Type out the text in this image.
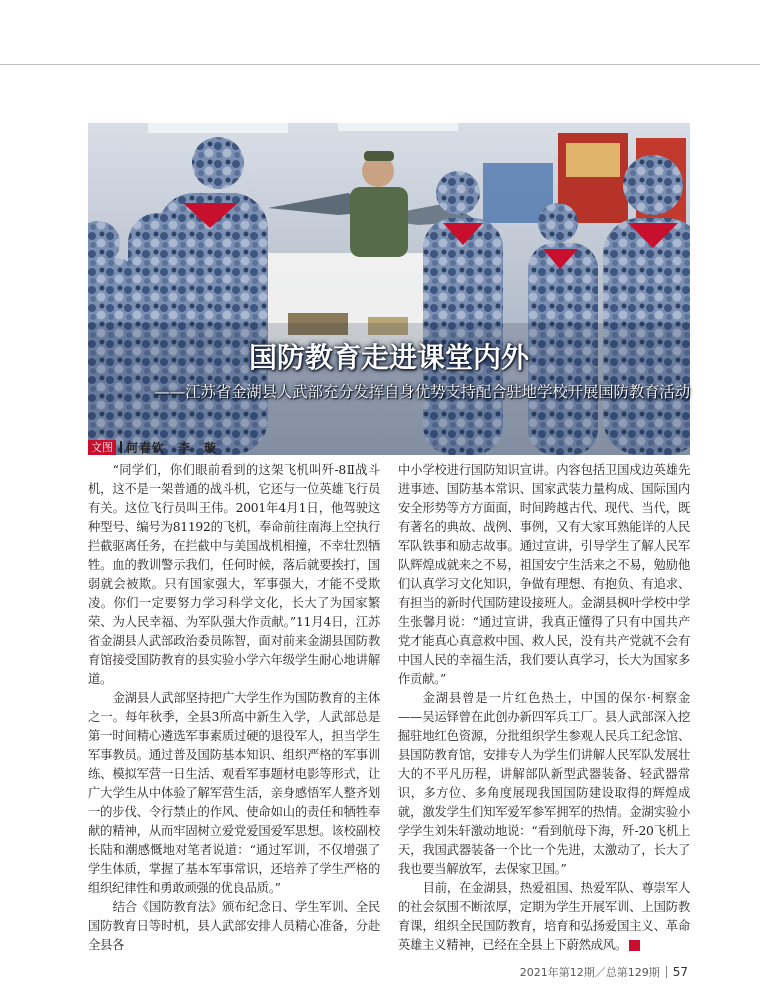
国防教育走进课堂内外
——江苏省金湖县人武部充分发挥自身优势支持配合驻地学校开展国防教育活动
文图 何春钦　李　璇

“同学们，你们眼前看到的这架飞机叫歼-8Ⅱ战斗机，这不是一架普通的战斗机，它还与一位英雄飞行员有关。这位飞行员叫王伟。2001年4月1日，他驾驶这种型号、编号为81192的飞机，奉命前往南海上空执行拦截驱离任务，在拦截中与美国战机相撞，不幸壮烈牺牲。血的教训警示我们，任何时候，落后就要挨打，国弱就会被欺。只有国家强大，军事强大，才能不受欺凌。你们一定要努力学习科学文化，长大了为国家繁荣、为人民幸福、为军队强大作贡献。”11月4日，江苏省金湖县人武部政治委员陈智，面对前来金湖县国防教育馆接受国防教育的县实验小学六年级学生耐心地讲解道。

金湖县人武部坚持把广大学生作为国防教育的主体之一。每年秋季，全县3所高中新生入学，人武部总是第一时间精心遴选军事素质过硬的退役军人，担当学生军事教员。通过普及国防基本知识、组织严格的军事训练、模拟军营一日生活、观看军事题材电影等形式，让广大学生从中体验了解军营生活，亲身感悟军人整齐划一的步伐、令行禁止的作风、使命如山的责任和牺牲奉献的精神，从而牢固树立爱党爱国爱军思想。该校副校长陆和潮感慨地对笔者说道：“通过军训，不仅增强了学生体质，掌握了基本军事常识，还培养了学生严格的组织纪律性和勇敢顽强的优良品质。”

结合《国防教育法》颁布纪念日、学生军训、全民国防教育日等时机，县人武部安排人员精心准备，分赴全县各

中小学校进行国防知识宣讲。内容包括卫国戍边英雄先进事迹、国防基本常识、国家武装力量构成、国际国内安全形势等方方面面，时间跨越古代、现代、当代，既有著名的典故、战例、事例，又有大家耳熟能详的人民军队铁事和励志故事。通过宣讲，引导学生了解人民军队辉煌成就来之不易，祖国安宁生活来之不易，勉励他们认真学习文化知识，争做有理想、有抱负、有追求、有担当的新时代国防建设接班人。金湖县枫叶学校中学生张馨月说：“通过宣讲，我真正懂得了只有中国共产党才能真心真意救中国、救人民，没有共产党就不会有中国人民的幸福生活，我们要认真学习，长大为国家多作贡献。”

金湖县曾是一片红色热土，中国的保尔·柯察金——吴运铎曾在此创办新四军兵工厂。县人武部深入挖掘驻地红色资源，分批组织学生参观人民兵工纪念馆、县国防教育馆，安排专人为学生们讲解人民军队发展壮大的不平凡历程，讲解部队新型武器装备、轻武器常识，多方位、多角度展现我国国防建设取得的辉煌成就，激发学生们知军爱军参军拥军的热情。金湖实验小学学生刘朱轩激动地说：“看到航母下海，歼-20飞机上天，我国武器装备一个比一个先进，太激动了，长大了我也要当解放军，去保家卫国。”

目前，在金湖县，热爱祖国、热爱军队、尊崇军人的社会氛围不断浓厚，定期为学生开展军训、上国防教育课，组织全民国防教育，培育和弘扬爱国主义、革命英雄主义精神，已经在全县上下蔚然成风。	G

2021年第12期／总第129期 57
